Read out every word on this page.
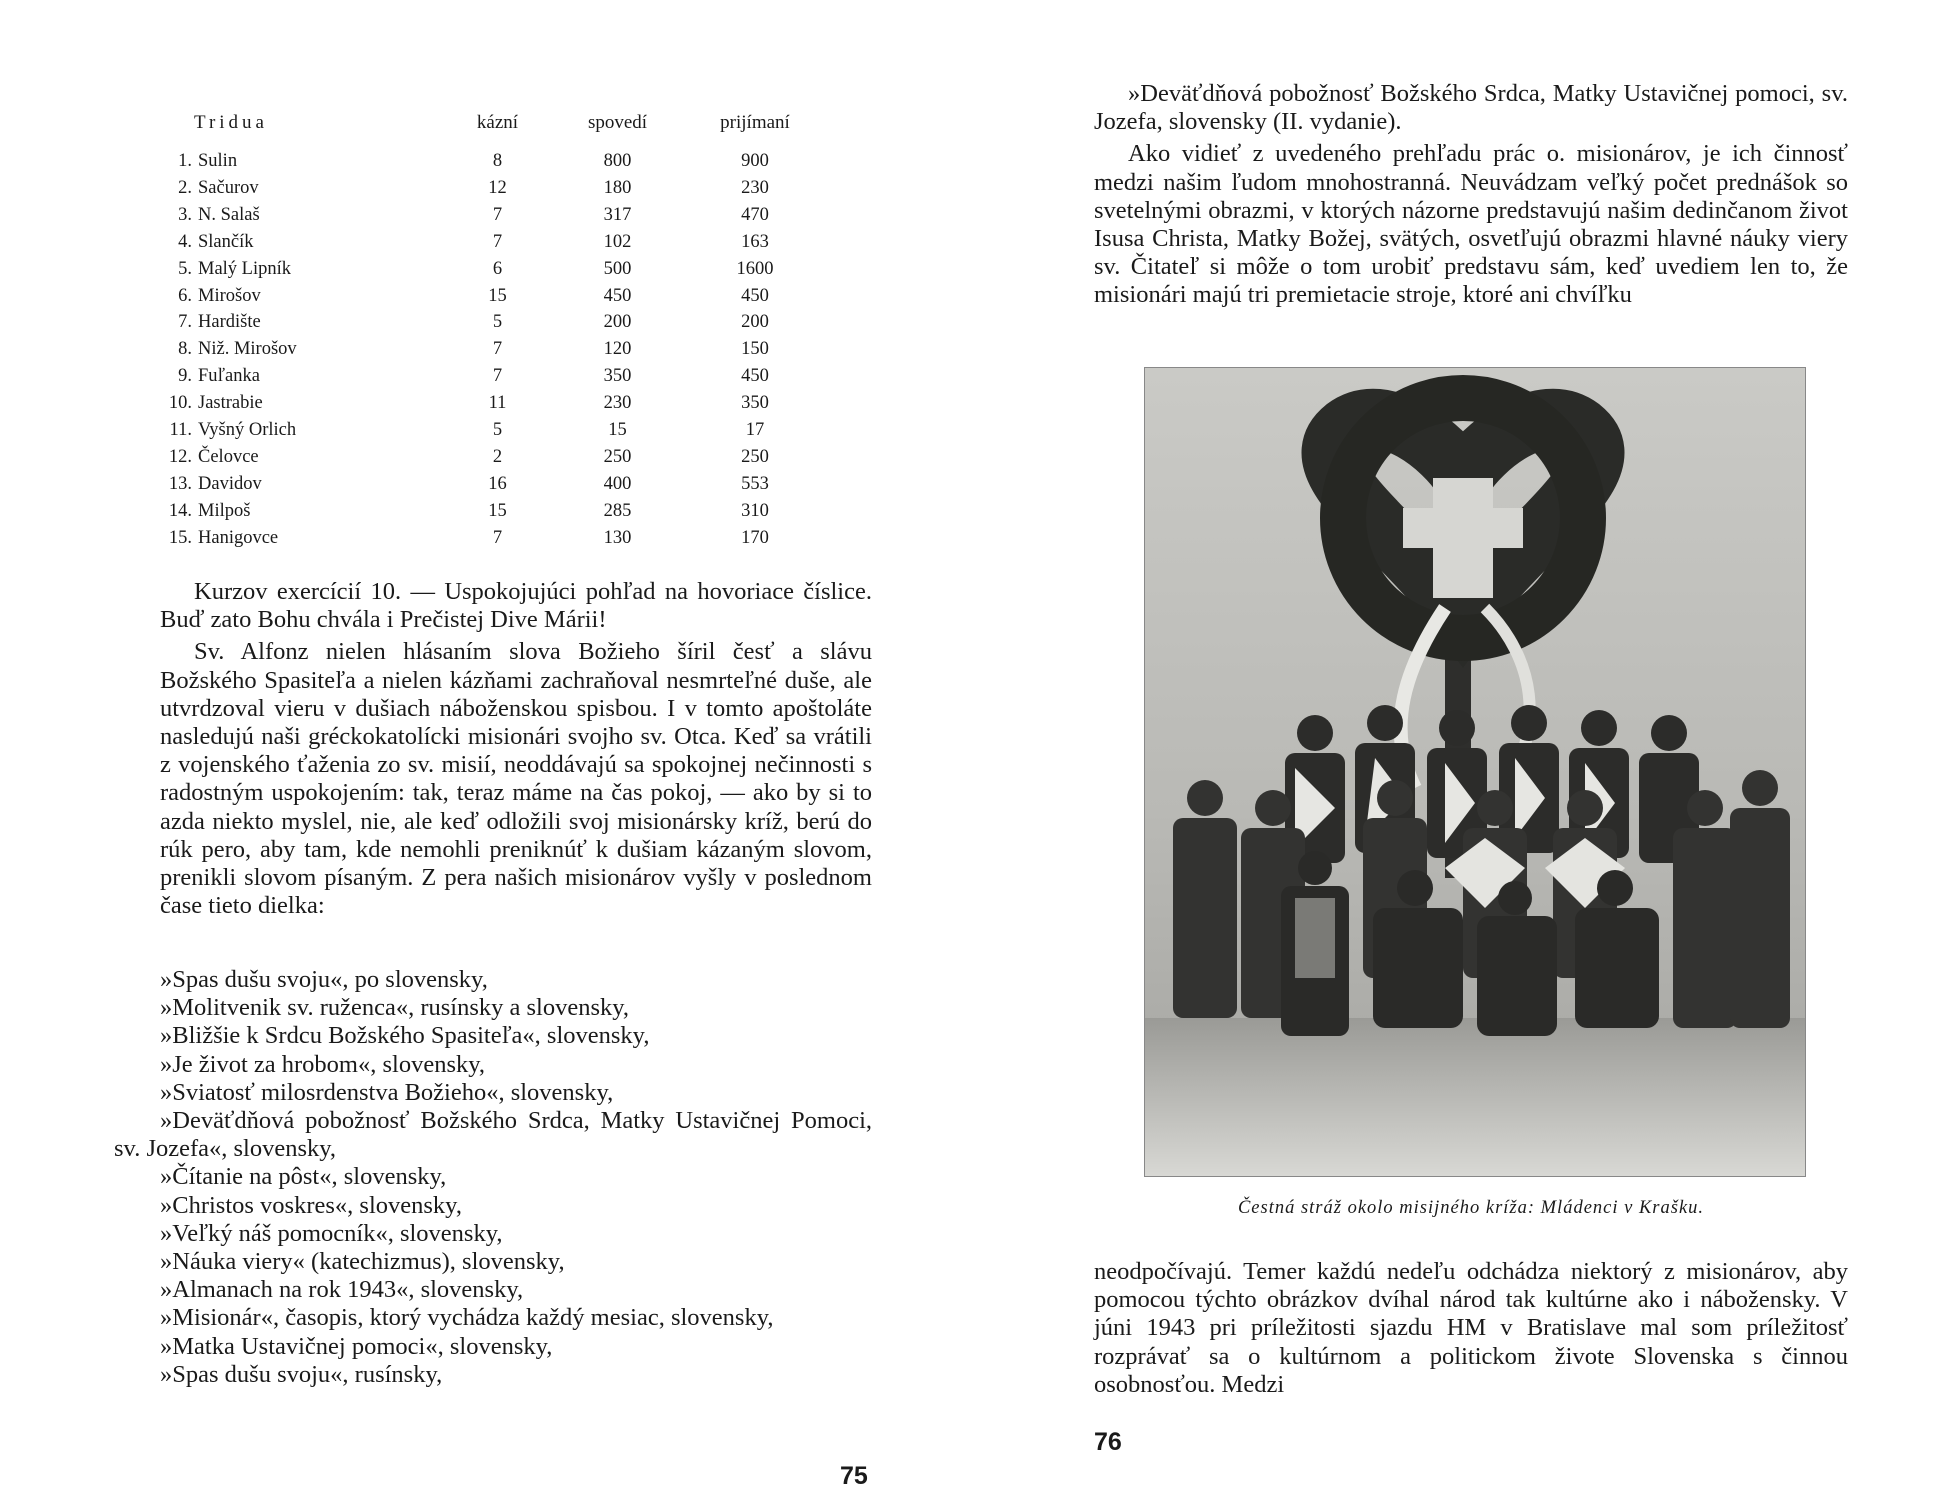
Tridua		kázní	spovedí	prijímaní
1.	Sulin	8	800	900
2.	Sačurov	12	180	230
3.	N. Salaš	7	317	470
4.	Slančík	7	102	163
5.	Malý Lipník	6	500	1600
6.	Mirošov	15	450	450
7.	Hardište	5	200	200
8.	Niž. Mirošov	7	120	150
9.	Fuľanka	7	350	450
10.	Jastrabie	11	230	350
11.	Vyšný Orlich	5	15	17
12.	Čelovce	2	250	250
13.	Davidov	16	400	553
14.	Milpoš	15	285	310
15.	Hanigovce	7	130	170

Kurzov exercícií 10. — Uspokojujúci pohľad na hovoriace číslice. Buď zato Bohu chvála i Prečistej Dive Márii!

Sv. Alfonz nielen hlásaním slova Božieho šíril česť a slávu Božského Spasiteľa a nielen kázňami zachraňoval nesmrteľné duše, ale utvrdzoval vieru v dušiach náboženskou spisbou. I v tomto apoštoláte nasledujú naši gréckokatolícki misionári svojho sv. Otca. Keď sa vrátili z vojenského ťaženia zo sv. misií, neoddávajú sa spokojnej nečinnosti s radostným uspokojením: tak, teraz máme na čas pokoj, — ako by si to azda niekto myslel, nie, ale keď odložili svoj misionársky kríž, berú do rúk pero, aby tam, kde nemohli preniknúť k dušiam kázaným slovom, prenikli slovom písaným. Z pera našich misionárov vyšly v poslednom čase tieto dielka:

»Spas dušu svoju«, po slovensky,
»Molitvenik sv. ruženca«, rusínsky a slovensky,
»Bližšie k Srdcu Božského Spasiteľa«, slovensky,
»Je život za hrobom«, slovensky,
»Sviatosť milosrdenstva Božieho«, slovensky,
»Deväťdňová pobožnosť Božského Srdca, Matky Ustavičnej Pomoci, sv. Jozefa«, slovensky,
»Čítanie na pôst«, slovensky,
»Christos voskres«, slovensky,
»Veľký náš pomocník«, slovensky,
»Náuka viery« (katechizmus), slovensky,
»Almanach na rok 1943«, slovensky,
»Misionár«, časopis, ktorý vychádza každý mesiac, slovensky,
»Matka Ustavičnej pomoci«, slovensky,
»Spas dušu svoju«, rusínsky,
75

»Deväťdňová pobožnosť Božského Srdca, Matky Ustavičnej pomoci, sv. Jozefa, slovensky (II. vydanie).

Ako vidieť z uvedeného prehľadu prác o. misionárov, je ich činnosť medzi našim ľudom mnohostranná. Neuvádzam veľký počet prednášok so svetelnými obrazmi, v ktorých názorne predstavujú našim dedinčanom život Isusa Christa, Matky Božej, svätých, osvetľujú obrazmi hlavné náuky viery sv. Čitateľ si môže o tom urobiť predstavu sám, keď uvediem len to, že misionári majú tri premietacie stroje, ktoré ani chvíľku

Čestná stráž okolo misijného kríža: Mládenci v Krašku.

neodpočívajú. Temer každú nedeľu odchádza niektorý z misionárov, aby pomocou týchto obrázkov dvíhal národ tak kultúrne ako i nábožensky. V júni 1943 pri príležitosti sjazdu HM v Bratislave mal som príležitosť rozprávať sa o kultúrnom a politickom živote Slovenska s činnou osobnosťou. Medzi

76
